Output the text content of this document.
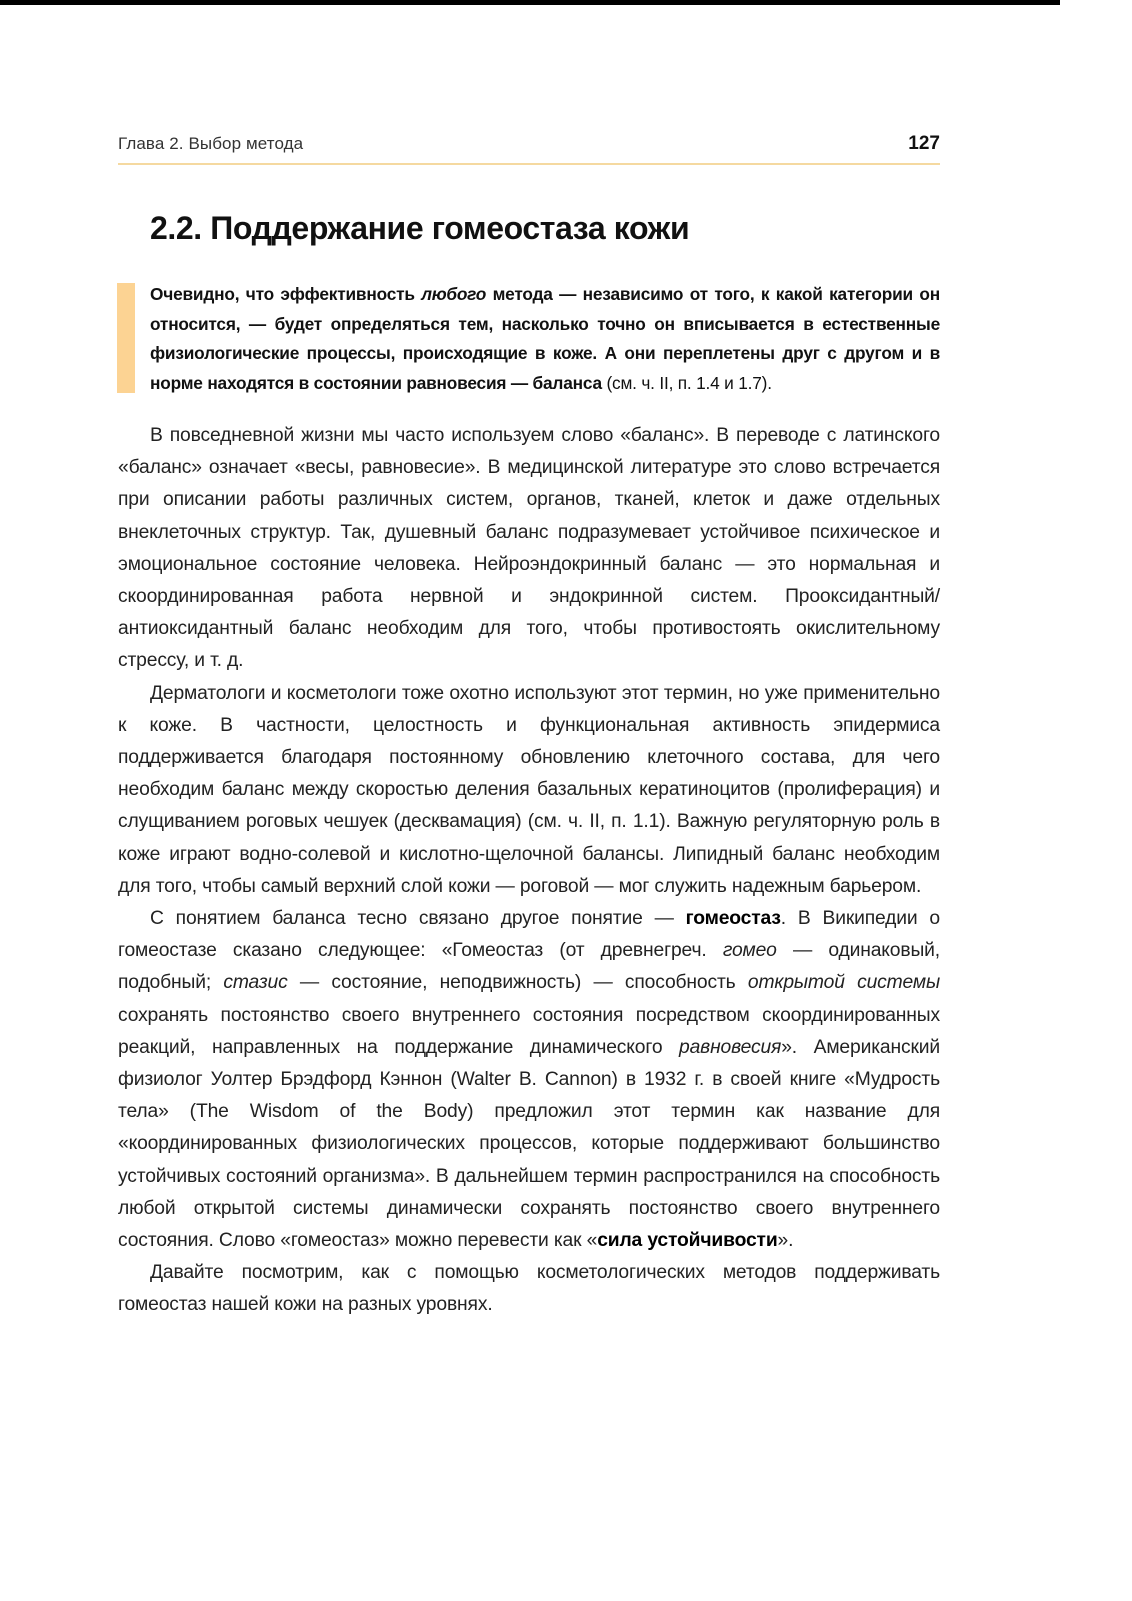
Глава 2. Выбор метода	127
2.2. Поддержание гомеостаза кожи
Очевидно, что эффективность любого метода — независимо от того, к какой категории он относится, — будет определяться тем, насколько точно он вписывается в естественные физиологические процессы, происходящие в коже. А они переплетены друг с другом и в норме находятся в состоянии равновесия — баланса (см. ч. II, п. 1.4 и 1.7).

В повседневной жизни мы часто используем слово «баланс». В переводе с латинского «баланс» означает «весы, равновесие». В медицинской литературе это слово встречается при описании работы различных систем, органов, тканей, клеток и даже отдельных внеклеточных структур. Так, душевный баланс подразумевает устойчивое психическое и эмоциональное состояние человека. Нейроэндокринный баланс — это нормальная и скоординированная работа нервной и эндокринной систем. Прооксидантный/антиоксидантный баланс необходим для того, чтобы противостоять окислительному стрессу, и т. д.

Дерматологи и косметологи тоже охотно используют этот термин, но уже применительно к коже. В частности, целостность и функциональная активность эпидермиса поддерживается благодаря постоянному обновлению клеточного состава, для чего необходим баланс между скоростью деления базальных кератиноцитов (пролиферация) и слущиванием роговых чешуек (десквамация) (см. ч. II, п. 1.1). Важную регуляторную роль в коже играют водно-солевой и кислотно-щелочной балансы. Липидный баланс необходим для того, чтобы самый верхний слой кожи — роговой — мог служить надежным барьером.

С понятием баланса тесно связано другое понятие — гомеостаз. В Википедии о гомеостазе сказано следующее: «Гомеостаз (от древнегреч. гомео — одинаковый, подобный; стазис — состояние, неподвижность) — способность открытой системы сохранять постоянство своего внутреннего состояния посредством скоординированных реакций, направленных на поддержание динамического равновесия». Американский физиолог Уолтер Брэдфорд Кэннон (Walter B. Cannon) в 1932 г. в своей книге «Мудрость тела» (The Wisdom of the Body) предложил этот термин как название для «координированных физиологических процессов, которые поддерживают большинство устойчивых состояний организма». В дальнейшем термин распространился на способность любой открытой системы динамически сохранять постоянство своего внутреннего состояния. Слово «гомеостаз» можно перевести как «сила устойчивости».

Давайте посмотрим, как с помощью косметологических методов поддерживать гомеостаз нашей кожи на разных уровнях.
